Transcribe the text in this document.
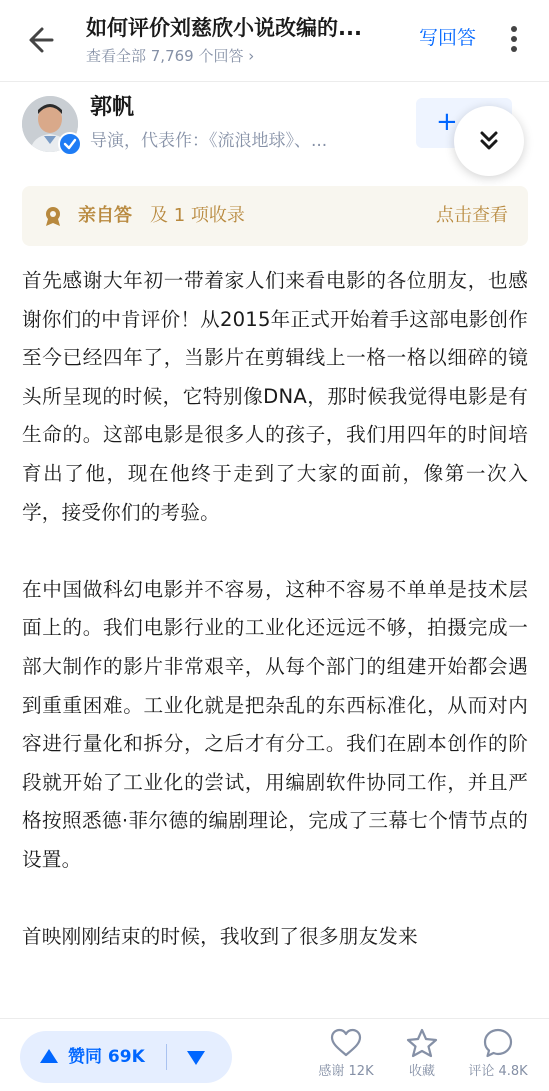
如何评价刘慈欣小说改编的...
查看全部 7,769 个回答 ›
写回答
郭帆
导演，代表作：《流浪地球》、...
+
亲自答 及 1 项收录	点击查看

首先感谢大年初一带着家人们来看电影的各位朋友，也感谢你们的中肯评价！从2015年正式开始着手这部电影创作至今已经四年了，当影片在剪辑线上一格一格以细碎的镜头所呈现的时候，它特别像DNA，那时候我觉得电影是有生命的。这部电影是很多人的孩子，我们用四年的时间培育出了他，现在他终于走到了大家的面前，像第一次入学，接受你们的考验。

在中国做科幻电影并不容易，这种不容易不单单是技术层面上的。我们电影行业的工业化还远远不够，拍摄完成一部大制作的影片非常艰辛，从每个部门的组建开始都会遇到重重困难。工业化就是把杂乱的东西标准化，从而对内容进行量化和拆分，之后才有分工。我们在剧本创作的阶段就开始了工业化的尝试，用编剧软件协同工作，并且严格按照悉德·菲尔德的编剧理论，完成了三幕七个情节点的设置。

首映刚刚结束的时候，我收到了很多朋友发来

赞同 69K
感谢 12K	收藏	评论 4.8K
